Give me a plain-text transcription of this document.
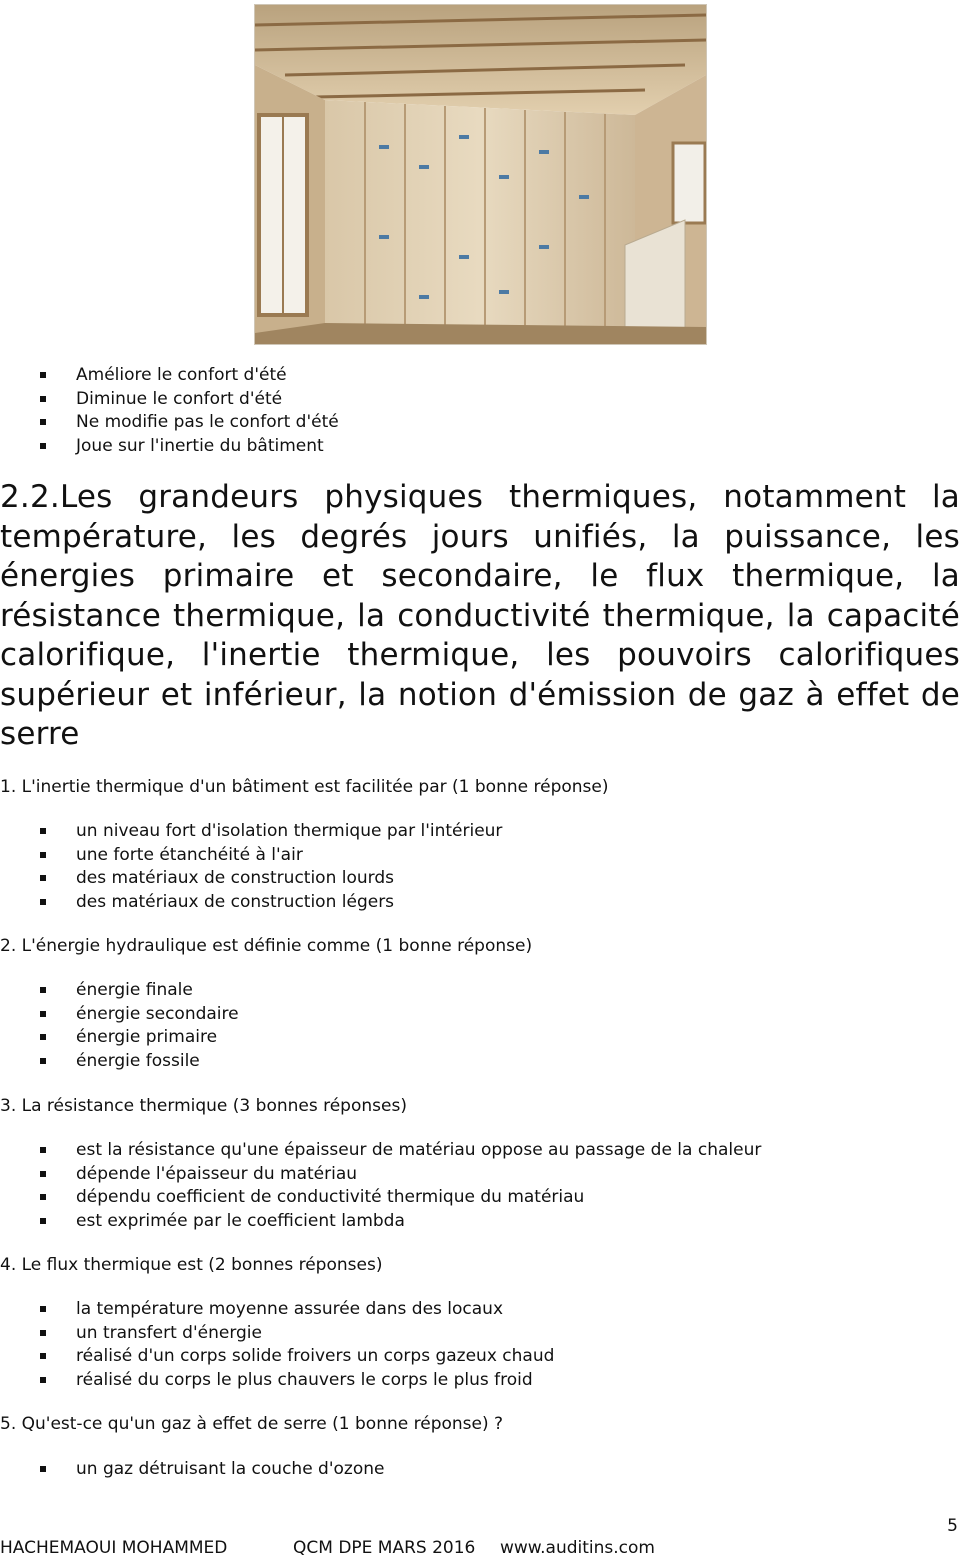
Améliore le confort d'été
Diminue le confort d'été
Ne modifie pas le confort d'été
Joue sur l'inertie du bâtiment
2.2.Les grandeurs physiques thermiques, notamment la température, les degrés jours unifiés, la puissance, les énergies primaire et secondaire, le flux thermique, la résistance thermique, la conductivité thermique, la capacité calorifique, l'inertie thermique, les pouvoirs calorifiques supérieur et inférieur, la notion d'émission de gaz à effet de serre
1. L'inertie thermique d'un bâtiment est facilitée par (1 bonne réponse)
un niveau fort d'isolation thermique par l'intérieur
une forte étanchéité à l'air
des matériaux de construction lourds
des matériaux de construction légers
2. L'énergie hydraulique est définie comme (1 bonne réponse)
énergie finale
énergie secondaire
énergie primaire
énergie fossile
3. La résistance thermique (3 bonnes réponses)
est la résistance qu'une épaisseur de matériau oppose au passage de la chaleur
dépende l'épaisseur du matériau
dépendu coefficient de conductivité thermique du matériau
est exprimée par le coefficient lambda
4. Le flux thermique est (2 bonnes réponses)
la température moyenne assurée dans des locaux
un transfert d'énergie
réalisé d'un corps solide froivers un corps gazeux chaud
réalisé du corps le plus chauvers le corps le plus froid
5. Qu'est-ce qu'un gaz à effet de serre (1 bonne réponse) ?
un gaz détruisant la couche d'ozone
5
HACHEMAOUI MOHAMMED	QCM DPE MARS 2016 www.auditins.com
